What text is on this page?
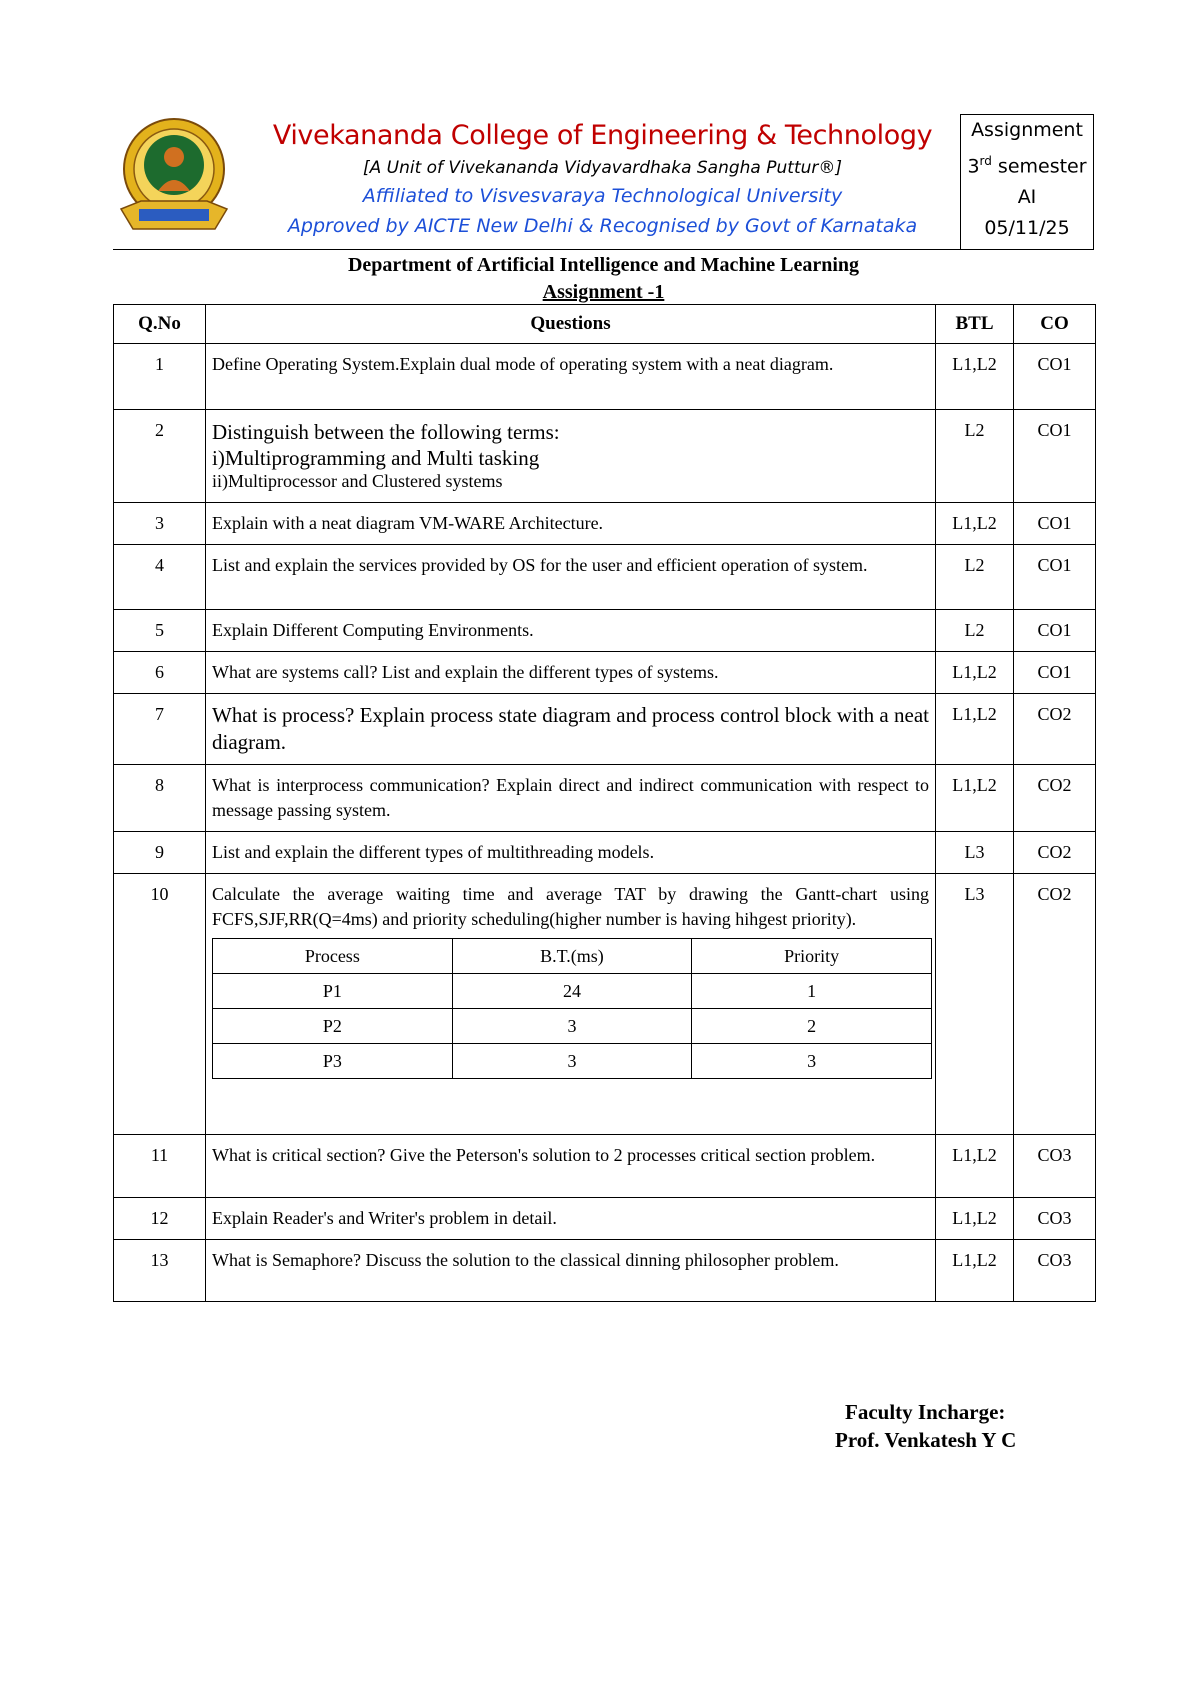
Vivekananda College of Engineering & Technology
[A Unit of Vivekananda Vidyavardhaka Sangha Puttur®]
Affiliated to Visvesvaraya Technological University
Approved by AICTE New Delhi & Recognised by Govt of Karnataka
Assignment
3rd semester
AI
05/11/25
Department of Artificial Intelligence and Machine Learning
Assignment -1
Q.No	Questions	BTL	CO
1	Define Operating System.Explain dual mode of operating system with a neat diagram.	L1,L2	CO1
2	Distinguish between the following terms:
i)Multiprogramming and Multi tasking
ii)Multiprocessor and Clustered systems
	L2	CO1
3	Explain with a neat diagram VM-WARE Architecture.	L1,L2	CO1
4	List and explain the services provided by OS for the user and efficient operation of system.	L2	CO1
5	Explain Different Computing Environments.	L2	CO1
6	What are systems call? List and explain the different types of systems.	L1,L2	CO1
7	What is process? Explain process state diagram and process control block with a neat diagram.	L1,L2	CO2
8	What is interprocess communication? Explain direct and indirect communication with respect to message passing system.	L1,L2	CO2
9	List and explain the different types of multithreading models.	L3	CO2
10	Calculate the average waiting time and average TAT by drawing the Gantt-chart using FCFS,SJF,RR(Q=4ms) and priority scheduling(higher number is having hihgest priority).
Process	B.T.(ms)	Priority
P1	24	1
P2	3	2
P3	3	3
	L3	CO2
11	What is critical section? Give the Peterson's solution to 2 processes critical section problem.	L1,L2	CO3
12	Explain Reader's and Writer's problem in detail.	L1,L2	CO3
13	What is Semaphore? Discuss the solution to the classical dinning philosopher problem.	L1,L2	CO3
Faculty Incharge:
Prof. Venkatesh Y C
